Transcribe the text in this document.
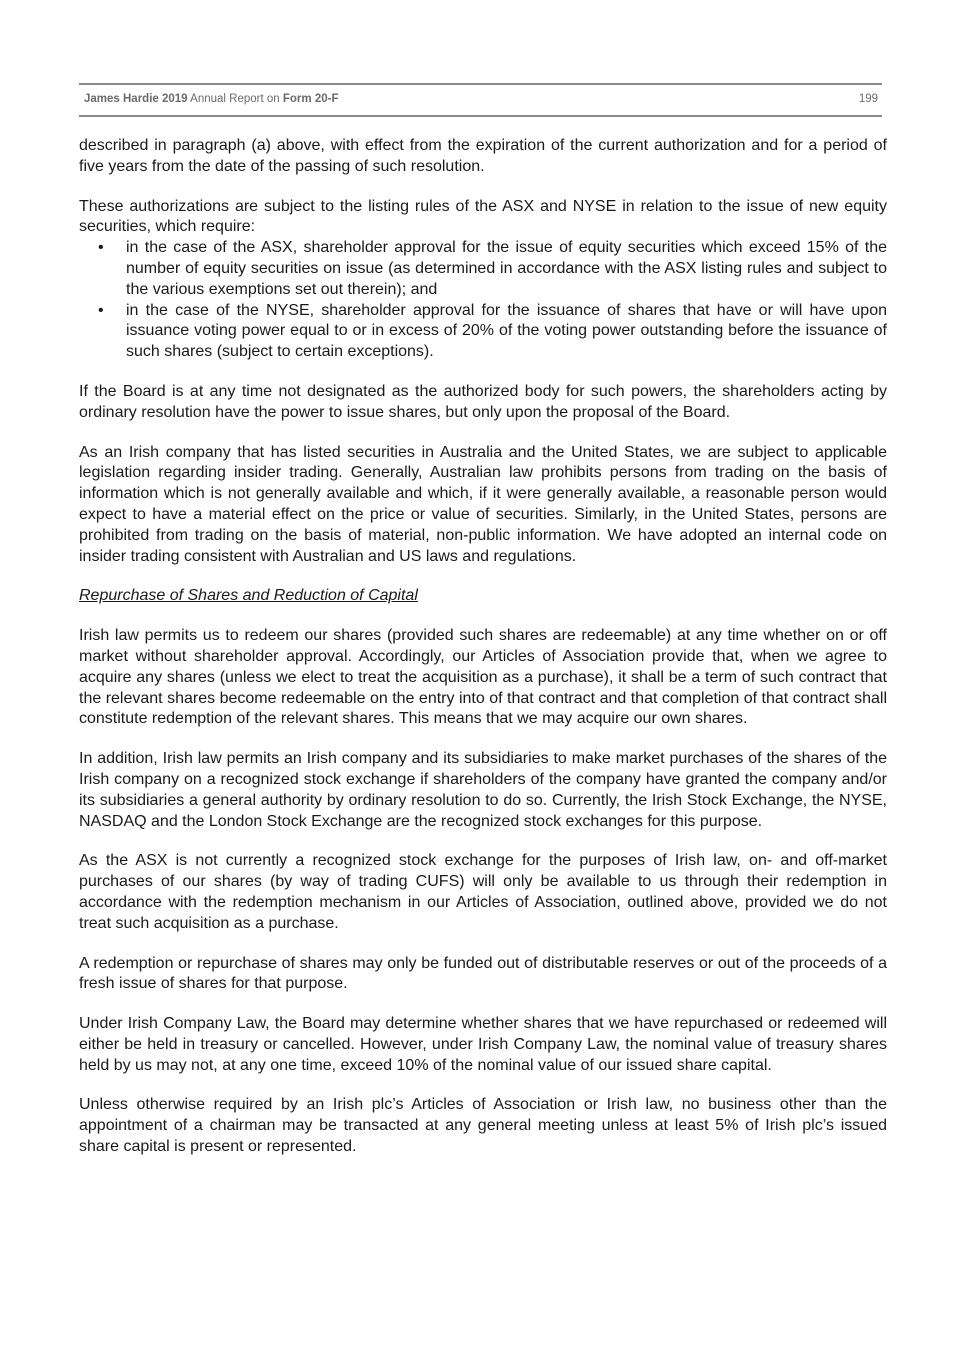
James Hardie 2019 Annual Report on Form 20-F	199

described in paragraph (a) above, with effect from the expiration of the current authorization and for a period of five years from the date of the passing of such resolution.

These authorizations are subject to the listing rules of the ASX and NYSE in relation to the issue of new equity securities, which require:

• in the case of the ASX, shareholder approval for the issue of equity securities which exceed 15% of the number of equity securities on issue (as determined in accordance with the ASX listing rules and subject to the various exemptions set out therein); and
• in the case of the NYSE, shareholder approval for the issuance of shares that have or will have upon issuance voting power equal to or in excess of 20% of the voting power outstanding before the issuance of such shares (subject to certain exceptions).

If the Board is at any time not designated as the authorized body for such powers, the shareholders acting by ordinary resolution have the power to issue shares, but only upon the proposal of the Board.

As an Irish company that has listed securities in Australia and the United States, we are subject to applicable legislation regarding insider trading. Generally, Australian law prohibits persons from trading on the basis of information which is not generally available and which, if it were generally available, a reasonable person would expect to have a material effect on the price or value of securities. Similarly, in the United States, persons are prohibited from trading on the basis of material, non-public information. We have adopted an internal code on insider trading consistent with Australian and US laws and regulations.

Repurchase of Shares and Reduction of Capital

Irish law permits us to redeem our shares (provided such shares are redeemable) at any time whether on or off market without shareholder approval. Accordingly, our Articles of Association provide that, when we agree to acquire any shares (unless we elect to treat the acquisition as a purchase), it shall be a term of such contract that the relevant shares become redeemable on the entry into of that contract and that completion of that contract shall constitute redemption of the relevant shares. This means that we may acquire our own shares.

In addition, Irish law permits an Irish company and its subsidiaries to make market purchases of the shares of the Irish company on a recognized stock exchange if shareholders of the company have granted the company and/or its subsidiaries a general authority by ordinary resolution to do so. Currently, the Irish Stock Exchange, the NYSE, NASDAQ and the London Stock Exchange are the recognized stock exchanges for this purpose.

As the ASX is not currently a recognized stock exchange for the purposes of Irish law, on- and off-market purchases of our shares (by way of trading CUFS) will only be available to us through their redemption in accordance with the redemption mechanism in our Articles of Association, outlined above, provided we do not treat such acquisition as a purchase.

A redemption or repurchase of shares may only be funded out of distributable reserves or out of the proceeds of a fresh issue of shares for that purpose.

Under Irish Company Law, the Board may determine whether shares that we have repurchased or redeemed will either be held in treasury or cancelled. However, under Irish Company Law, the nominal value of treasury shares held by us may not, at any one time, exceed 10% of the nominal value of our issued share capital.

Unless otherwise required by an Irish plc’s Articles of Association or Irish law, no business other than the appointment of a chairman may be transacted at any general meeting unless at least 5% of Irish plc’s issued share capital is present or represented.
